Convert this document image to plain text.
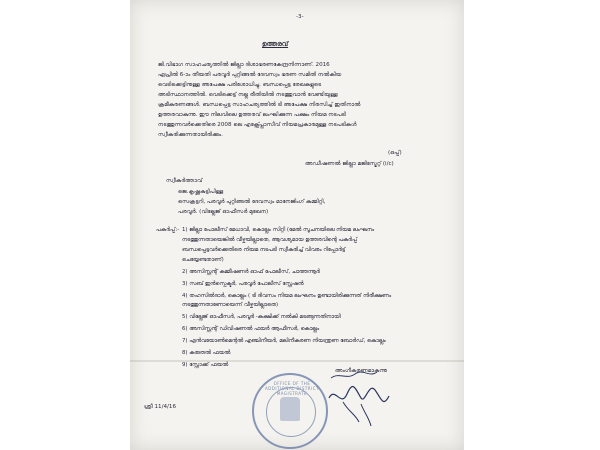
-3-
ഉത്തരവ്
ജി.വിഭാഗ സാഹചര്യത്തിൽ ജില്ലാ ദിശാഭരണകേന്ദ്രനിന്നാണ്. 2016
ഏപ്രിൽ 6-ാം തീയതി പരവൂർ പുറ്റിങ്ങൽ ദേവസ്വം ഭരണ സമിതി നൽകിയ
വെടിക്കെട്ടിനുള്ള അപേക്ഷ പരിശോധിച്ചു. ബന്ധപ്പെട്ട രേഖകളുടെ
അടിസ്ഥാനത്തിൽ. വെടിക്കെട്ട് നല്ല രീതിയിൽ നടത്തുവാൻ വേണ്ടിയുള്ള
ക്രമീകരണങ്ങൾ. ബന്ധപ്പെട്ട സാഹചര്യത്തിൽ ടി അപേക്ഷ നിരസിച്ച് ഇതിനാൽ
ഉത്തരവാകുന്നു. ഈ നിലവിലെ ഉത്തരവ് ലംഘിക്കുന്ന പക്ഷം നിയമ നടപടി
നടത്തുന്നവർക്കെതിരെ 2008 ലെ എക്സ്പ്ലോസീവ് നിയമപ്രകാരമുള്ള നടപടികൾ
സ്വീകരിക്കുന്നതായിരിക്കും.
(ഒപ്പ്)
അഡീഷണൽ ജില്ലാ മജിസ്ട്രേറ്റ് (i/c)
സ്വീകർത്താവ്
ജെ.കൃഷ്ണകുട്ടിപിള്ള
സെക്രട്ടറി, പരവൂർ പുറ്റിങ്ങൽ ദേവസ്വം മാനേജിംഗ് കമ്മിറ്റി,
പരവൂർ. (വില്ലേജ് ഓഫീസർ മുഖേന)
പകർപ്പ്:- 1) ജില്ലാ പോലീസ് മേധാവി, കൊല്ലം സിറ്റി (മേൽ സൂചനയിലെ നിയമ ലംഘനം
നടത്തുന്നതായെങ്കിൽ വീഴ്ചയില്ലാതെ, ആവശ്യമായ ഉത്തരവിന്റെ പകർപ്പ്
ബന്ധപ്പെട്ടവർക്കെതിരെ നിയമ നടപടി സ്വീകരിച്ച് വിവരം റിപ്പോർട്ട്
ചെയ്യേണ്ടതാണ്)
2) അസിസ്റ്റന്റ് കമ്മീഷണർ ഓഫ് പോലീസ്, ചാത്തന്നൂർ
3) സബ് ഇൻസ്പെക്ടർ, പരവൂർ പോലീസ് സ്റ്റേഷൻ
4) തഹസിൽദാർ, കൊല്ലം ( ടി ദിവസം നിയമ ലംഘനം ഉണ്ടായിരിക്കുന്നത് നിരീക്ഷണം
നടത്തുന്നതാണോയെന്ന് വീഴ്ചയില്ലാതെ)
5) വില്ലേജ് ഓഫീസർ, പരവൂർ -കക്ഷിക്ക് നൽകി മടങ്ങുന്നതിനായി
6) അസിസ്റ്റന്റ് ഡിവിഷണൽ ഫയർ ആഫീസർ, കൊല്ലം
7) എൻവയോൺമെന്റൽ എഞ്ചിനീയർ, മലിനീകരണ നിയന്ത്രണ ബോർഡ്, കൊല്ലം
8) കരുതൽ ഫയൽ
9) സ്റ്റോക്ക് ഫയൽ
അംഗീകരണമാകുന്നു
ശ്രീ 11/4/16
OFFICE OF THE ADDITIONAL DISTRICT MAGISTRATE
